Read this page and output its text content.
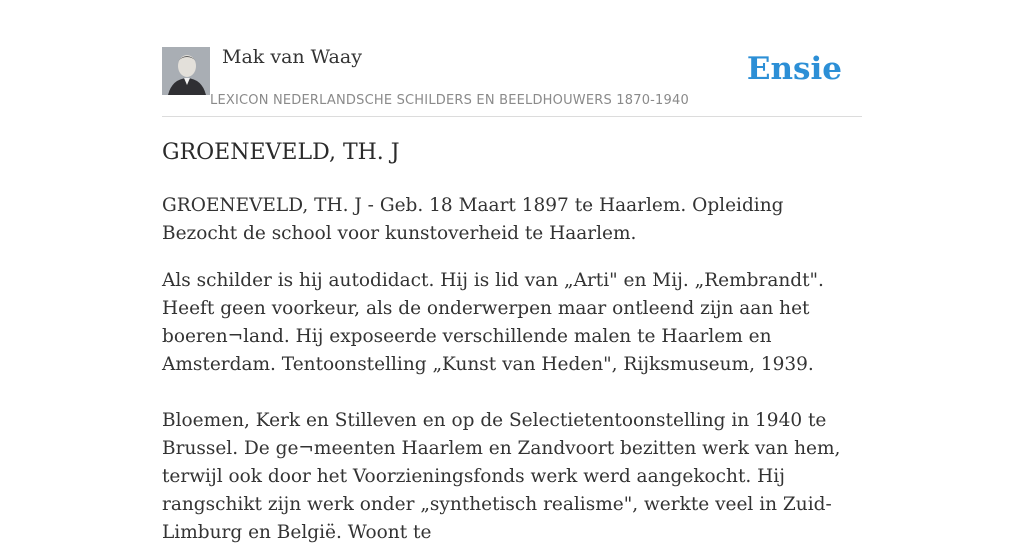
Mak van Waay
LEXICON NEDERLANDSCHE SCHILDERS EN BEELDHOUWERS 1870-1940
Ensie
GROENEVELD, TH. J

GROENEVELD, TH. J - Geb. 18 Maart 1897 te Haarlem. Opleiding Bezocht de school voor kunstoverheid te Haarlem.

Als schilder is hij autodidact. Hij is lid van „Arti" en Mij. „Rembrandt". Heeft geen voorkeur, als de onderwerpen maar ontleend zijn aan het boeren¬land. Hij exposeerde verschillende malen te Haarlem en Amsterdam. Tentoonstelling „Kunst van Heden", Rijksmuseum, 1939.

Bloemen, Kerk en Stilleven en op de Selectietentoonstelling in 1940 te Brussel. De ge¬meenten Haarlem en Zandvoort bezitten werk van hem, terwijl ook door het Voorzieningsfonds werk werd aangekocht. Hij rangschikt zijn werk onder „synthetisch realisme", werkte veel in Zuid-Limburg en België. Woont te
